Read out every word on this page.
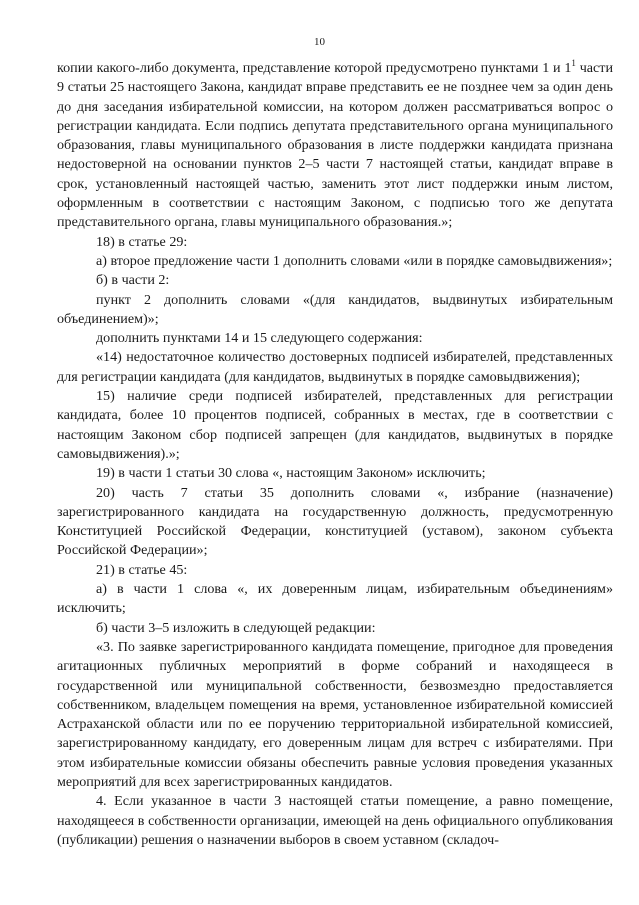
10

копии какого-либо документа, представление которой предусмотрено пунктами 1 и $1^1$ части 9 статьи 25 настоящего Закона, кандидат вправе представить ее не позднее чем за один день до дня заседания избирательной комиссии, на котором должен рассматриваться вопрос о регистрации кандидата. Если подпись депутата представительного органа муниципального образования, главы муниципального образования в листе поддержки кандидата признана недостоверной на основании пунктов 2–5 части 7 настоящей статьи, кандидат вправе в срок, установленный настоящей частью, заменить этот лист поддержки иным листом, оформленным в соответствии с настоящим Законом, с подписью того же депутата представительного органа, главы муниципального образования.»;

18) в статье 29:

а) второе предложение части 1 дополнить словами «или в порядке самовыдвижения»;

б) в части 2:

пункт 2 дополнить словами «(для кандидатов, выдвинутых избирательным объединением)»;

дополнить пунктами 14 и 15 следующего содержания:

«14) недостаточное количество достоверных подписей избирателей, представленных для регистрации кандидата (для кандидатов, выдвинутых в порядке самовыдвижения);

15) наличие среди подписей избирателей, представленных для регистрации кандидата, более 10 процентов подписей, собранных в местах, где в соответствии с настоящим Законом сбор подписей запрещен (для кандидатов, выдвинутых в порядке самовыдвижения).»;

19) в части 1 статьи 30 слова «, настоящим Законом» исключить;

20) часть 7 статьи 35 дополнить словами «, избрание (назначение) зарегистрированного кандидата на государственную должность, предусмотренную Конституцией Российской Федерации, конституцией (уставом), законом субъекта Российской Федерации»;

21) в статье 45:

а) в части 1 слова «, их доверенным лицам, избирательным объединениям» исключить;

б) части 3–5 изложить в следующей редакции:

«3. По заявке зарегистрированного кандидата помещение, пригодное для проведения агитационных публичных мероприятий в форме собраний и находящееся в государственной или муниципальной собственности, безвозмездно предоставляется собственником, владельцем помещения на время, установленное избирательной комиссией Астраханской области или по ее поручению территориальной избирательной комиссией, зарегистрированному кандидату, его доверенным лицам для встреч с избирателями. При этом избирательные комиссии обязаны обеспечить равные условия проведения указанных мероприятий для всех зарегистрированных кандидатов.

4. Если указанное в части 3 настоящей статьи помещение, а равно помещение, находящееся в собственности организации, имеющей на день официального опубликования (публикации) решения о назначении выборов в своем уставном (складоч-
